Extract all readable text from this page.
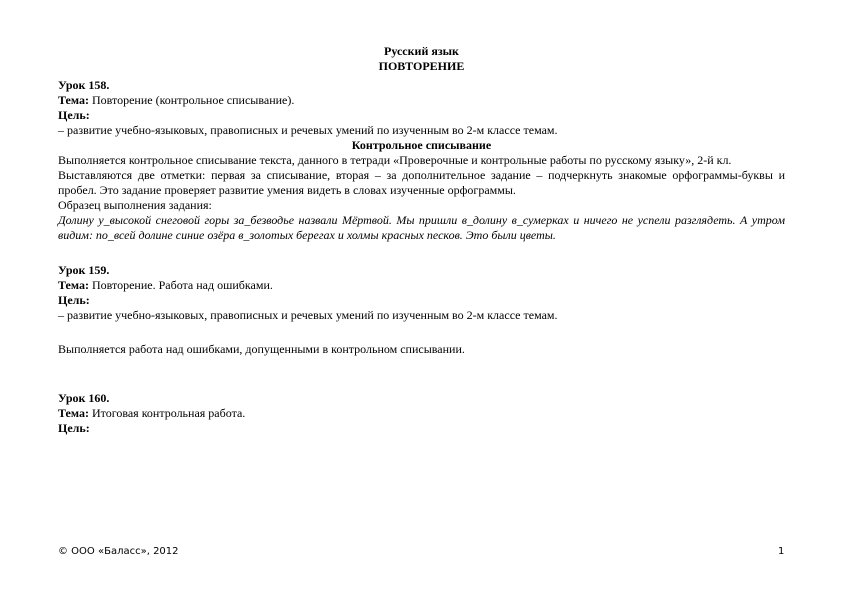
Русский язык

ПОВТОРЕНИЕ

Урок 158.

Тема: Повторение (контрольное списывание).

Цель:

– развитие учебно-языковых, правописных и речевых умений по изученным во 2-м классе темам.

Контрольное списывание

Выполняется контрольное списывание текста, данного в тетради «Проверочные и контрольные работы по русскому языку», 2-й кл.

Выставляются две отметки: первая за списывание, вторая – за дополнительное задание – подчеркнуть знакомые орфограммы-буквы и пробел. Это задание проверяет развитие умения видеть в словах изученные орфограммы.

Образец выполнения задания:

Долину у_высокой снеговой горы за_безводье назвали Мёртвой. Мы пришли в_долину в_сумерках и ничего не успели разглядеть. А утром видим: по_всей долине синие озёра в_золотых берегах и холмы красных песков. Это были цветы.

Урок 159.

Тема: Повторение. Работа над ошибками.

Цель:

– развитие учебно-языковых, правописных и речевых умений по изученным во 2-м классе темам.

Выполняется работа над ошибками, допущенными в контрольном списывании.

Урок 160.

Тема: Итоговая контрольная работа.

Цель:

© ООО «Баласс», 2012	1
